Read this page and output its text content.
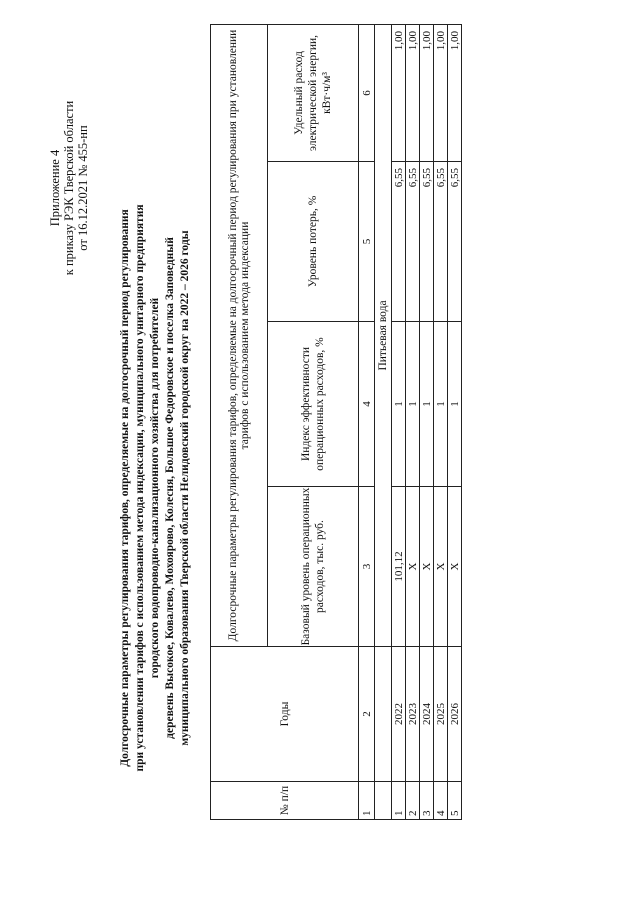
Приложение 4 к приказу РЭК Тверской области от 16.12.2021 № 455-нп
Долгосрочные параметры регулирования тарифов, определяемые на долгосрочный период регулирования при установлении тарифов с использованием метода индексации, муниципального унитарного предприятия городского водопроводно-канализационного хозяйства для потребителей деревень Высокое, Ковалево, Мохоярово, Колесня, Большое Федоровское и поселка Заповедный муниципального образования Тверской области Нелидовский городской округ на 2022 – 2026 годы
№ п/п	Годы	Долгосрочные параметры регулирования тарифов, определяемые на долгосрочный период регулирования при установлении тарифов с использованием метода индексации			
		Базовый уровень операционных расходов, тыс. руб.	Индекс эффективности операционных расходов, %	Уровень потерь, %	Удельный расход электрической энергии, кВт·ч/м³
1	2	3	4	5	6
		Питьевая вода			
1	2022	101,12	1	6,55	1,00
2	2023	X	1	6,55	1,00
3	2024	X	1	6,55	1,00
4	2025	X	1	6,55	1,00
5	2026	X	1	6,55	1,00
